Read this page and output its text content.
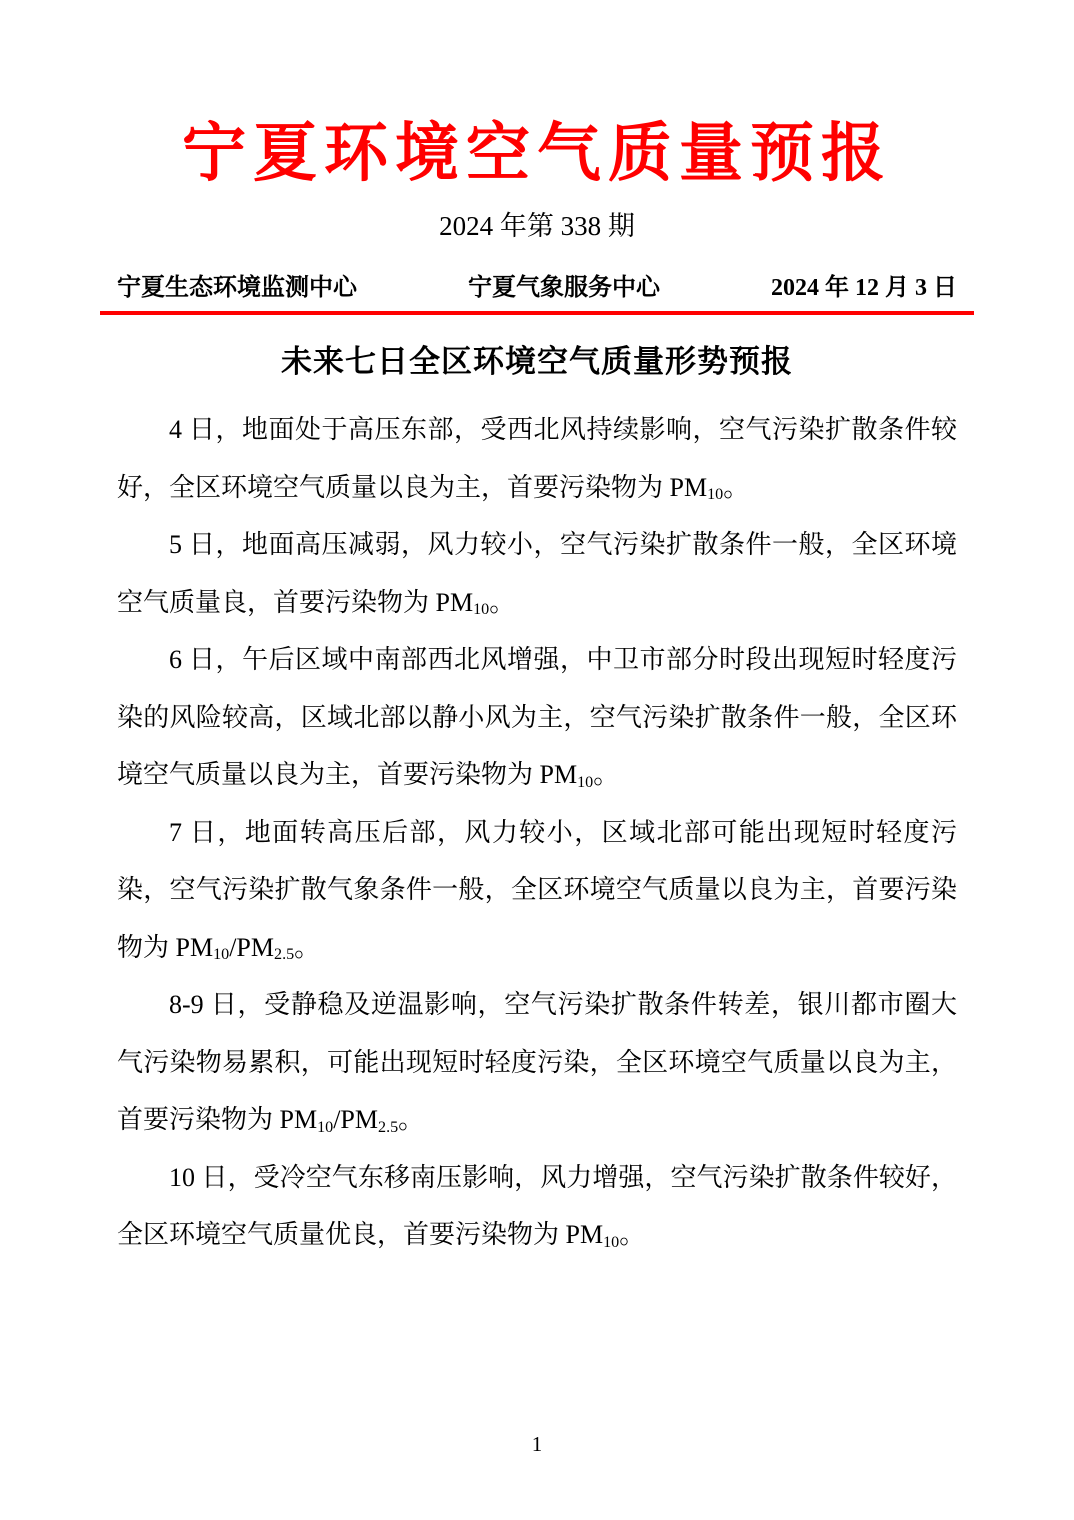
宁夏环境空气质量预报
2024 年第 338 期
宁夏生态环境监测中心	宁夏气象服务中心	2024 年 12 月 3 日
未来七日全区环境空气质量形势预报

4 日，地面处于高压东部，受西北风持续影响，空气污染扩散条件较好，全区环境空气质量以良为主，首要污染物为 $PM_{10}$。

5 日，地面高压减弱，风力较小，空气污染扩散条件一般，全区环境空气质量良，首要污染物为 $PM_{10}$。

6 日，午后区域中南部西北风增强，中卫市部分时段出现短时轻度污染的风险较高，区域北部以静小风为主，空气污染扩散条件一般，全区环境空气质量以良为主，首要污染物为 $PM_{10}$。

7 日，地面转高压后部，风力较小，区域北部可能出现短时轻度污染，空气污染扩散气象条件一般，全区环境空气质量以良为主，首要污染物为 $PM_{10}/PM_{2.5}$。

8-9 日，受静稳及逆温影响，空气污染扩散条件转差，银川都市圈大气污染物易累积，可能出现短时轻度污染，全区环境空气质量以良为主，首要污染物为 $PM_{10}/PM_{2.5}$。

10 日，受冷空气东移南压影响，风力增强，空气污染扩散条件较好，全区环境空气质量优良，首要污染物为 $PM_{10}$。

1
